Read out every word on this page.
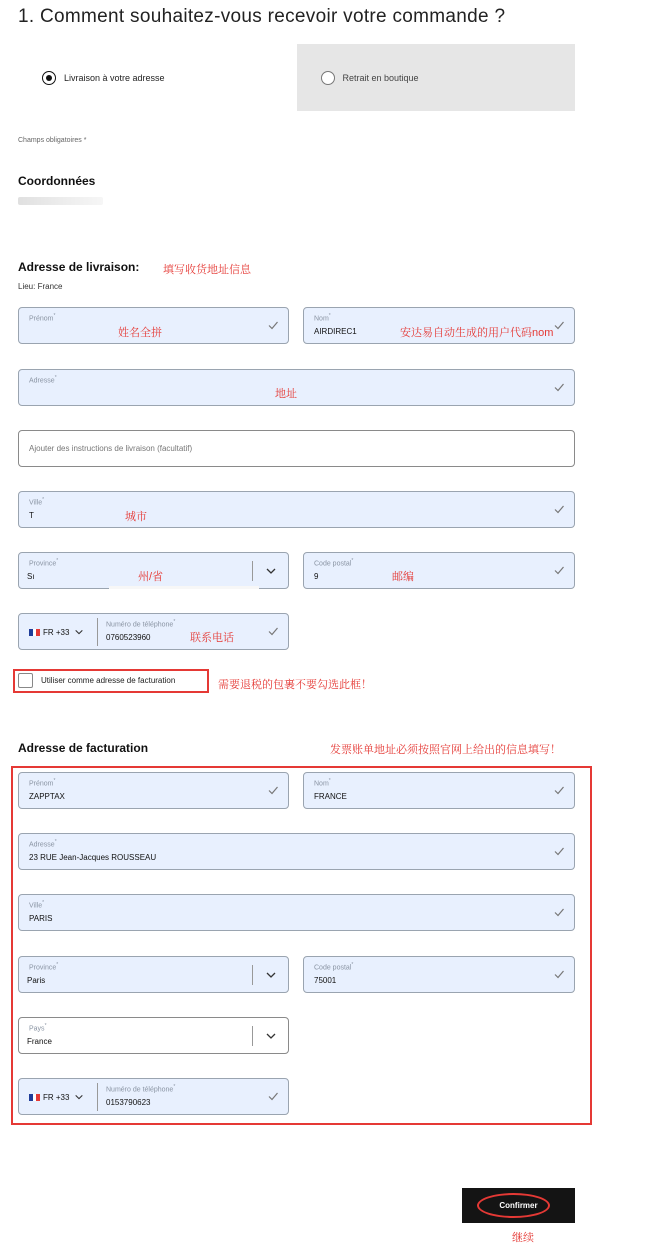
1. Comment souhaitez-vous recevoir votre commande ?
Livraison à votre adresse	Retrait en boutique
Champs obligatoires *
Coordonnées
Adresse de livraison: 填写收货地址信息
Lieu: France
Prénom*
姓名全拼
Nom*
AIRDIREC1	安达易自动生成的用户代码nom
Adresse*
地址
Ajouter des instructions de livraison (facultatif)
Ville*
T	城市
Province*
Sı	州/省
Code postal*
9	邮编
FR +33
Numéro de téléphone*
0760523960	联系电话
Utiliser comme adresse de facturation	需要退税的包裹不要勾选此框！
Adresse de facturation	发票账单地址必须按照官网上给出的信息填写！
Prénom*
ZAPPTAX
Nom*
FRANCE
Adresse*
23 RUE Jean-Jacques ROUSSEAU
Ville*
PARIS
Province*
Paris
Code postal*
75001
Pays*
France
FR +33
Numéro de téléphone*
0153790623
Confirmer
继续
